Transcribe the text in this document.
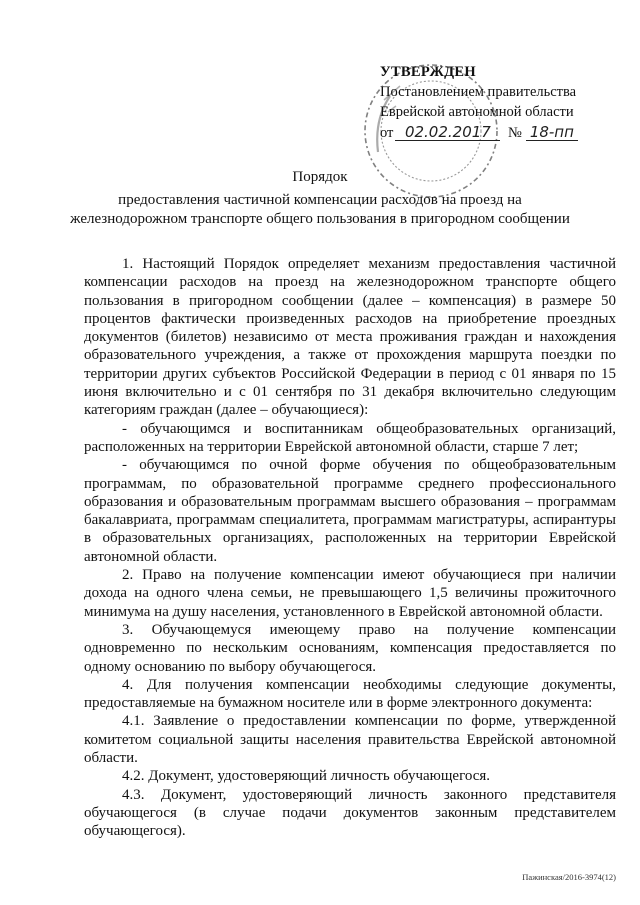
УТВЕРЖДЕН
Постановлением правительства
Еврейской автономной области
от 02.02.2017 № 18-пп
Порядок
предоставления частичной компенсации расходов на проезд на железнодорожном транспорте общего пользования в пригородном сообщении

1. Настоящий Порядок определяет механизм предоставления частичной компенсации расходов на проезд на железнодорожном транспорте общего пользования в пригородном сообщении (далее – компенсация) в размере 50 процентов фактически произведенных расходов на приобретение проездных документов (билетов) независимо от места проживания граждан и нахождения образовательного учреждения, а также от прохождения маршрута поездки по территории других субъектов Российской Федерации в период с 01 января по 15 июня включительно и с 01 сентября по 31 декабря включительно следующим категориям граждан (далее – обучающиеся):

- обучающимся и воспитанникам общеобразовательных организаций, расположенных на территории Еврейской автономной области, старше 7 лет;

- обучающимся по очной форме обучения по общеобразовательным программам, по образовательной программе среднего профессионального образования и образовательным программам высшего образования – программам бакалавриата, программам специалитета, программам магистратуры, аспирантуры в образовательных организациях, расположенных на территории Еврейской автономной области.

2. Право на получение компенсации имеют обучающиеся при наличии дохода на одного члена семьи, не превышающего 1,5 величины прожиточного минимума на душу населения, установленного в Еврейской автономной области.

3. Обучающемуся имеющему право на получение компенсации одновременно по нескольким основаниям, компенсация предоставляется по одному основанию по выбору обучающегося.

4. Для получения компенсации необходимы следующие документы, предоставляемые на бумажном носителе или в форме электронного документа:

4.1. Заявление о предоставлении компенсации по форме, утвержденной комитетом социальной защиты населения правительства Еврейской автономной области.

4.2. Документ, удостоверяющий личность обучающегося.

4.3. Документ, удостоверяющий личность законного представителя обучающегося (в случае подачи документов законным представителем обучающегося).

Пажинская/2016-3974(12)
